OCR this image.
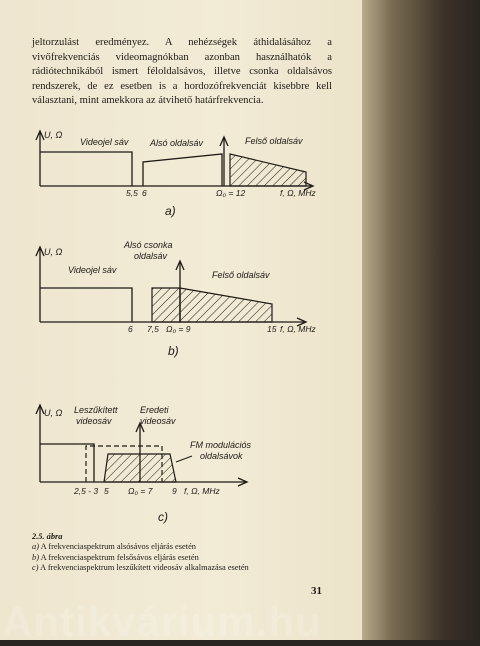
jeltorzulást eredményez. A nehézségek áthidalásához a vivőfrekvenciás videomagnókban azonban használhatók a rádiótechnikából ismert féloldalsávos, illetve csonka oldalsávos rendszerek, de ez esetben is a hordozófrekvenciát kisebbre kell választani, mint amekkora az átvihető határfrekvencia.

U, Ω
Videojel sáv Alsó oldalsáv	Felső oldalsáv
5,5 6	Ω₀ = 12	f, Ω, MHz
a)
U, Ω
Videojel sáv
Alsó csonka
oldalsáv
Felső oldalsáv
6 7,5 Ω₀ = 9	15 f, Ω, MHz
b)
U, Ω Leszűkített
videosáv
Eredeti
videosáv
FM modulációs
oldalsávok
2,5 - 3 5 Ω₀ = 7 9 f, Ω, MHz
c)
2.5. ábra
a) A frekvenciaspektrum alsósávos eljárás esetén
b) A frekvenciaspektrum felsősávos eljárás esetén
c) A frekvenciaspektrum leszűkített videosáv alkalmazása esetén
31
Antikvárium.hu
